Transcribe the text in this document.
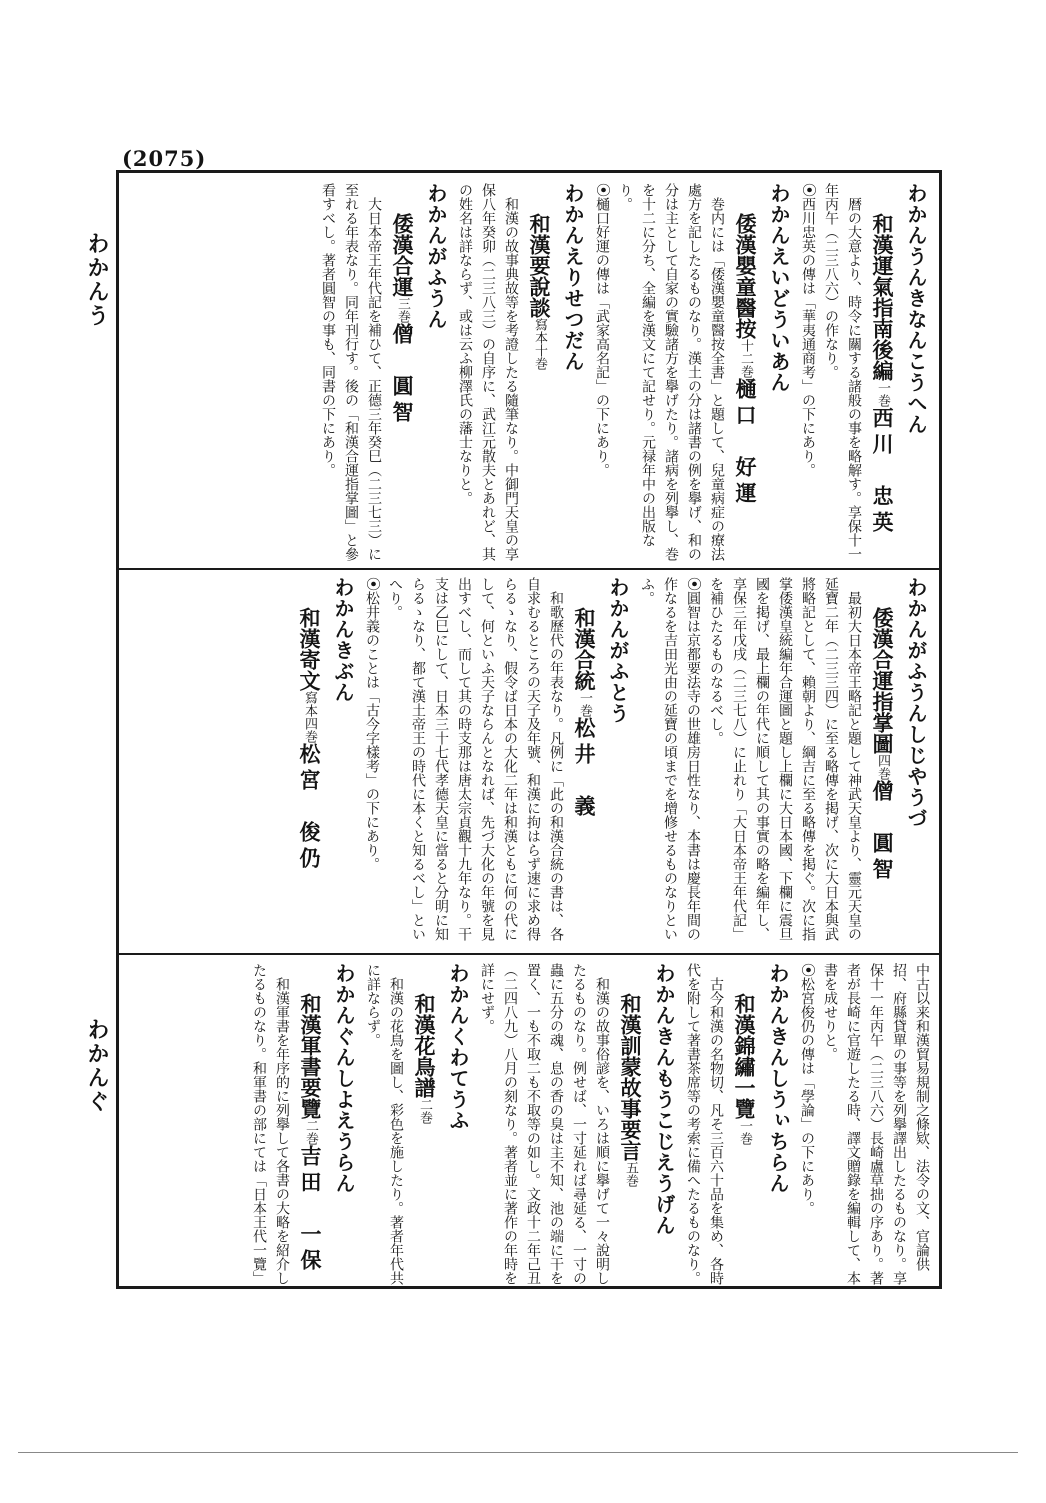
(2075)
わかんう
わかんぐ
わかんうんきなんこうへん
和漢運氣指南後編一巻西川　忠英
暦の大意より、時令に關する諸般の事を略解す。享保十一年丙午（二三八六）の作なり。
⦿西川忠英の傳は「華夷通商考」の下にあり。
わかんえいどういあん
倭漢嬰童醫按十二巻樋口　好運
巻内には「倭漢嬰童醫按全書」と題して、兒童病症の療法處方を記したるものなり。漢土の分は諸書の例を擧げ、和の分は主として自家の實驗諸方を擧げたり。諸病を列擧し、巻を十二に分ち、全編を漢文にて記せり。元禄年中の出版なり。
⦿樋口好運の傳は「武家高名記」の下にあり。
わかんえりせつだん
和漢要說談寫本十巻
和漢の故事典故等を考證したる隨筆なり。中御門天皇の享保八年癸卯（二三八三）の自序に、武江元散夫とあれど、其の姓名は詳ならず、或は云ふ柳澤氏の藩士なりと。
わかんがふうん
倭漢合運三巻僧　圓智
大日本帝王年代記を補ひて、正德三年癸巳（二三七三）に至れる年表なり。同年刊行す。後の「和漢合運指掌圖」と參看すべし。著者圓智の事も、同書の下にあり。
わかんがふうんしじやうづ
倭漢合運指掌圖四巻僧　圓智
最初大日本帝王略記と題して神武天皇より、靈元天皇の延寶二年（二三三四）に至る略傳を掲げ、次に大日本與武將略記として、賴朝より、綱吉に至る略傳を掲ぐ。次に指掌倭漢皇統編年合運圖と題し上欄に大日本國、下欄に震旦國を掲げ、最上欄の年代に順して其の事實の略を編年し、享保三年戊戌（二三七八）に止れり「大日本帝王年代記」を補ひたるものなるべし。
⦿圓智は京都要法寺の世雄房日性なり、本書は慶長年間の作なるを吉田光由の延寶の頃までを增修せるものなりといふ。
わかんがふとう
和漢合統一巻松井　義
和歌歷代の年表なり。凡例に「此の和漢合統の書は、各自求むるところの天子及年號、和漢に拘はらず速に求め得らるゝなり、假令ば日本の大化二年は和漢ともに何の代にして、何といふ天子ならんとなれば、先づ大化の年號を見出すべし、而して其の時支那は唐太宗貞觀十九年なり。干支は乙巳にして、日本三十七代孝德天皇に當ると分明に知らるゝなり、都て漢土帝王の時代に本くと知るべし」といへり。
⦿松井義のことは「古今字樣考」の下にあり。
わかんきぶん
和漢寄文寫本四巻松宮　俊仍
中古以来和漢貿易規制之條欵、法令の文、官論供招、府縣貸單の事等を列擧譯出したるものなり。享保十一年丙午（二三八六）長崎盧草拙の序あり。著者が長崎に官遊したる時、譯文贈錄を編輯して、本書を成せりと。
⦿松宮俊仍の傳は「學論」の下にあり。
わかんきんしうぃちらん
和漢錦繡一覽一巻
古今和漢の名物切、凡そ三百六十品を集め、各時代を附して著書茶席等の考索に備へたるものなり。
わかんきんもうこじえうげん
和漢訓蒙故事要言五巻
和漢の故事俗諺を、いろは順に擧げて一々說明したるものなり。例せば、一寸延れば尋延る、一寸の蟲に五分の魂、息の香の臭は主不知、池の端に干を置く、一も不取二も不取等の如し。文政十二年己丑（二四八九）八月の刻なり。著者並に著作の年時を詳にせず。
わかんくわてうふ
和漢花鳥譜二巻
和漢の花鳥を圖し、彩色を施したり。著者年代共に詳ならず。
わかんぐんしよえうらん
和漢軍書要覽二巻吉田　一保
和漢軍書を年序的に列擧して各書の大略を紹介したるものなり。和軍書の部にては「日本王代一覽」
